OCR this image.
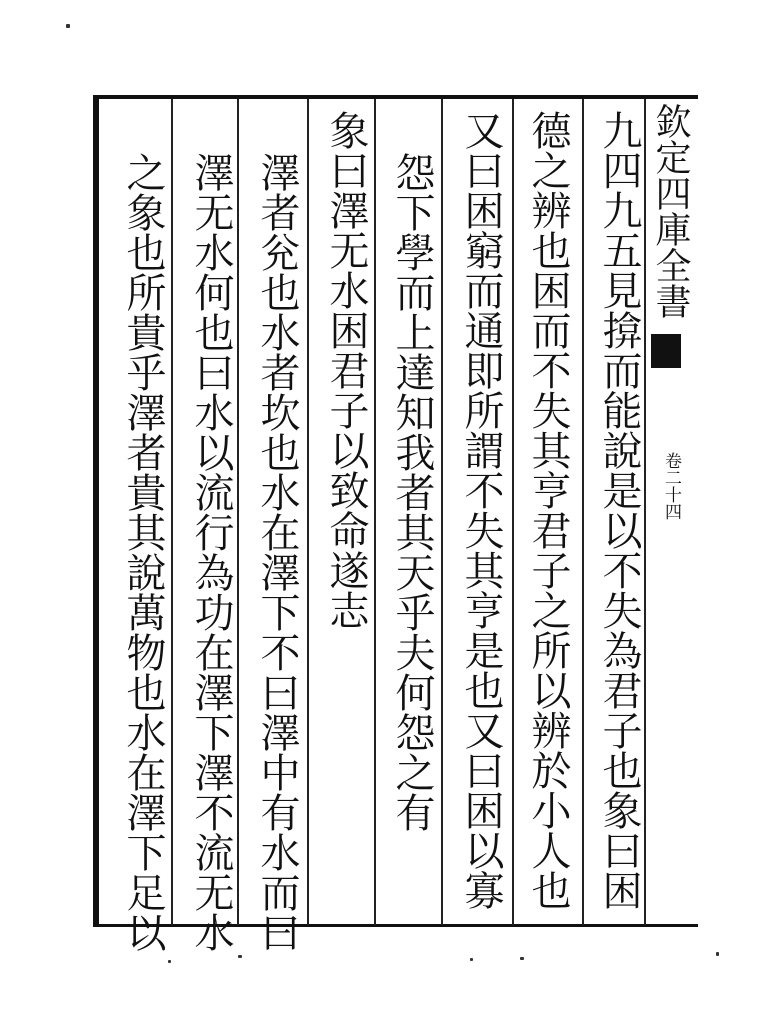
九四九五見揜而能說是以不失為君子也象曰困
德之辨也困而不失其亨君子之所以辨於小人也
又曰困窮而通即所謂不失其亨是也又曰困以寡
怨下學而上達知我者其天乎夫何怨之有
象曰澤无水困君子以致命遂志
澤者兊也水者坎也水在澤下不曰澤中有水而曰
澤无水何也曰水以流行為功在澤下澤不流无水
之象也所貴乎澤者貴其說萬物也水在澤下足以	欽定四庫全書
卷二十四
